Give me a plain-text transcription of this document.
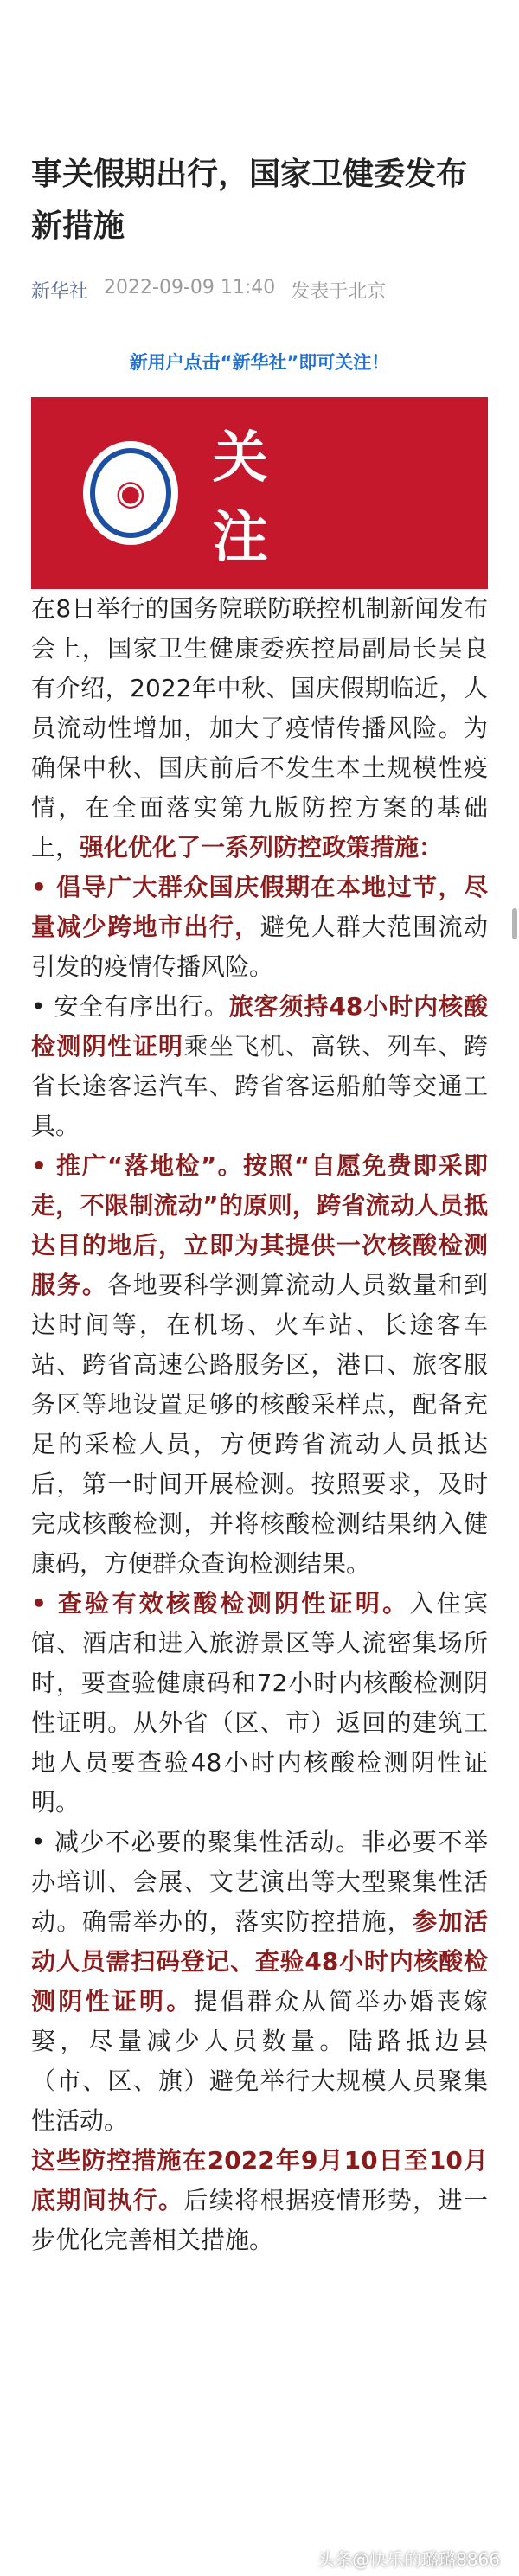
事关假期出行，国家卫健委发布新措施
新华社 2022-09-09 11:40 发表于北京
新用户点击“新华社”即可关注！
◉
关注

在8日举行的国务院联防联控机制新闻发布会上，国家卫生健康委疾控局副局长吴良有介绍，2022年中秋、国庆假期临近，人员流动性增加，加大了疫情传播风险。为确保中秋、国庆前后不发生本土规模性疫情，在全面落实第九版防控方案的基础上，强化优化了一系列防控政策措施：

• 倡导广大群众国庆假期在本地过节，尽量减少跨地市出行，避免人群大范围流动引发的疫情传播风险。

• 安全有序出行。旅客须持48小时内核酸检测阴性证明乘坐飞机、高铁、列车、跨省长途客运汽车、跨省客运船舶等交通工具。

• 推广“落地检”。按照“自愿免费即采即走，不限制流动”的原则，跨省流动人员抵达目的地后，立即为其提供一次核酸检测服务。各地要科学测算流动人员数量和到达时间等，在机场、火车站、长途客车站、跨省高速公路服务区，港口、旅客服务区等地设置足够的核酸采样点，配备充足的采检人员，方便跨省流动人员抵达后，第一时间开展检测。按照要求，及时完成核酸检测，并将核酸检测结果纳入健康码，方便群众查询检测结果。

• 查验有效核酸检测阴性证明。入住宾馆、酒店和进入旅游景区等人流密集场所时，要查验健康码和72小时内核酸检测阴性证明。从外省（区、市）返回的建筑工地人员要查验48小时内核酸检测阴性证明。

• 减少不必要的聚集性活动。非必要不举办培训、会展、文艺演出等大型聚集性活动。确需举办的，落实防控措施，参加活动人员需扫码登记、查验48小时内核酸检测阴性证明。提倡群众从简举办婚丧嫁娶，尽量减少人员数量。陆路抵边县（市、区、旗）避免举行大规模人员聚集性活动。

这些防控措施在2022年9月10日至10月底期间执行。后续将根据疫情形势，进一步优化完善相关措施。

头条@快乐的璐璐8866
